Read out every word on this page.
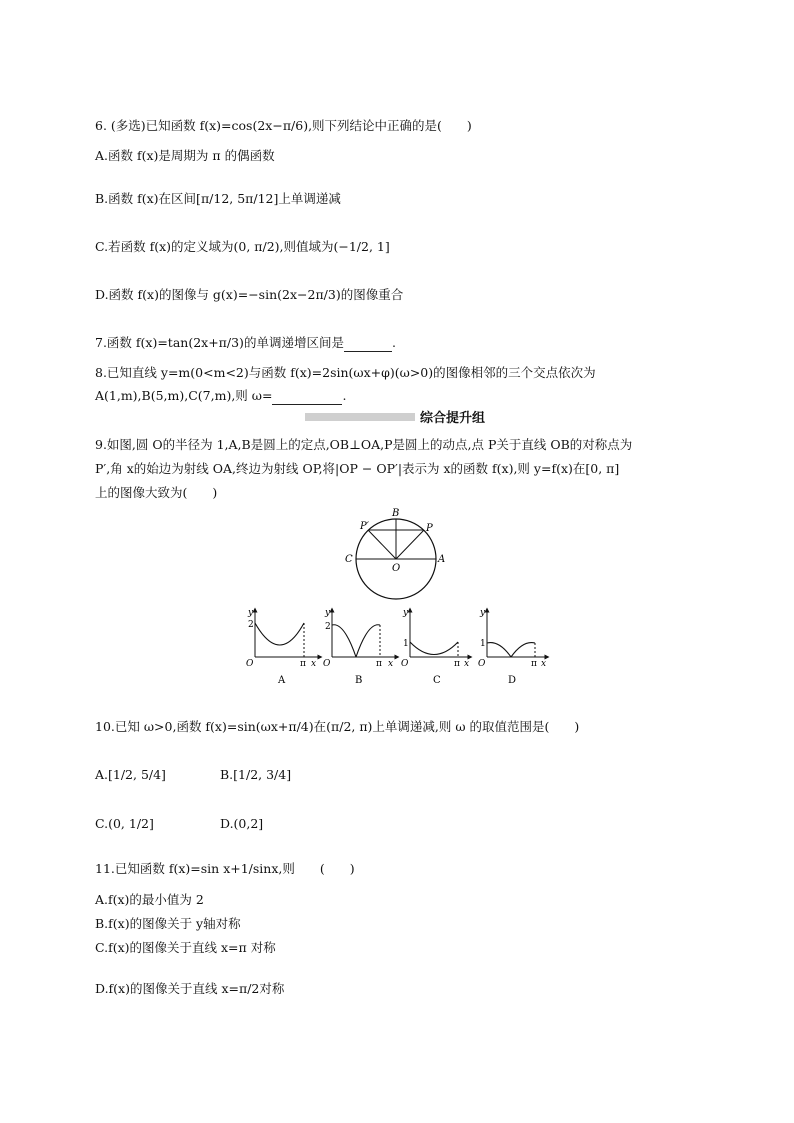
6. (多选)已知函数 f(x)=cos(2x−π/6),则下列结论中正确的是(　　)
A.函数 f(x)是周期为 π 的偶函数
B.函数 f(x)在区间[π/12, 5π/12]上单调递减
C.若函数 f(x)的定义域为(0, π/2),则值域为(−1/2, 1]
D.函数 f(x)的图像与 g(x)=−sin(2x−2π/3)的图像重合
7.函数 f(x)=tan(2x+π/3)的单调递增区间是	.
8.已知直线 y=m(0<m<2)与函数 f(x)=2sin(ωx+φ)(ω>0)的图像相邻的三个交点依次为
A(1,m),B(5,m),C(7,m),则 ω=	.
综合提升组
9.如图,圆 O的半径为 1,A,B是圆上的定点,OB⊥OA,P是圆上的动点,点 P关于直线 OB的对称点为
P′,角 x的始边为射线 OA,终边为射线 OP,将|OP − OP′|表示为 x的函数 f(x),则 y=f(x)在[0, π]
上的图像大致为(　　)
B
P
P′
C
O
A
2
O	π x
y
A
2
O	π x
y
B
1
O	π x
y
C
1
O	π x
y
D
10.已知 ω>0,函数 f(x)=sin(ωx+π/4)在(π/2, π)上单调递减,则 ω 的取值范围是(　　)
A.[1/2, 5/4]	B.[1/2, 3/4]
C.(0, 1/2]	D.(0,2]
11.已知函数 f(x)=sin x+1/sinx,则　　(　　)
A.f(x)的最小值为 2
B.f(x)的图像关于 y轴对称
C.f(x)的图像关于直线 x=π 对称
D.f(x)的图像关于直线 x=π/2对称
